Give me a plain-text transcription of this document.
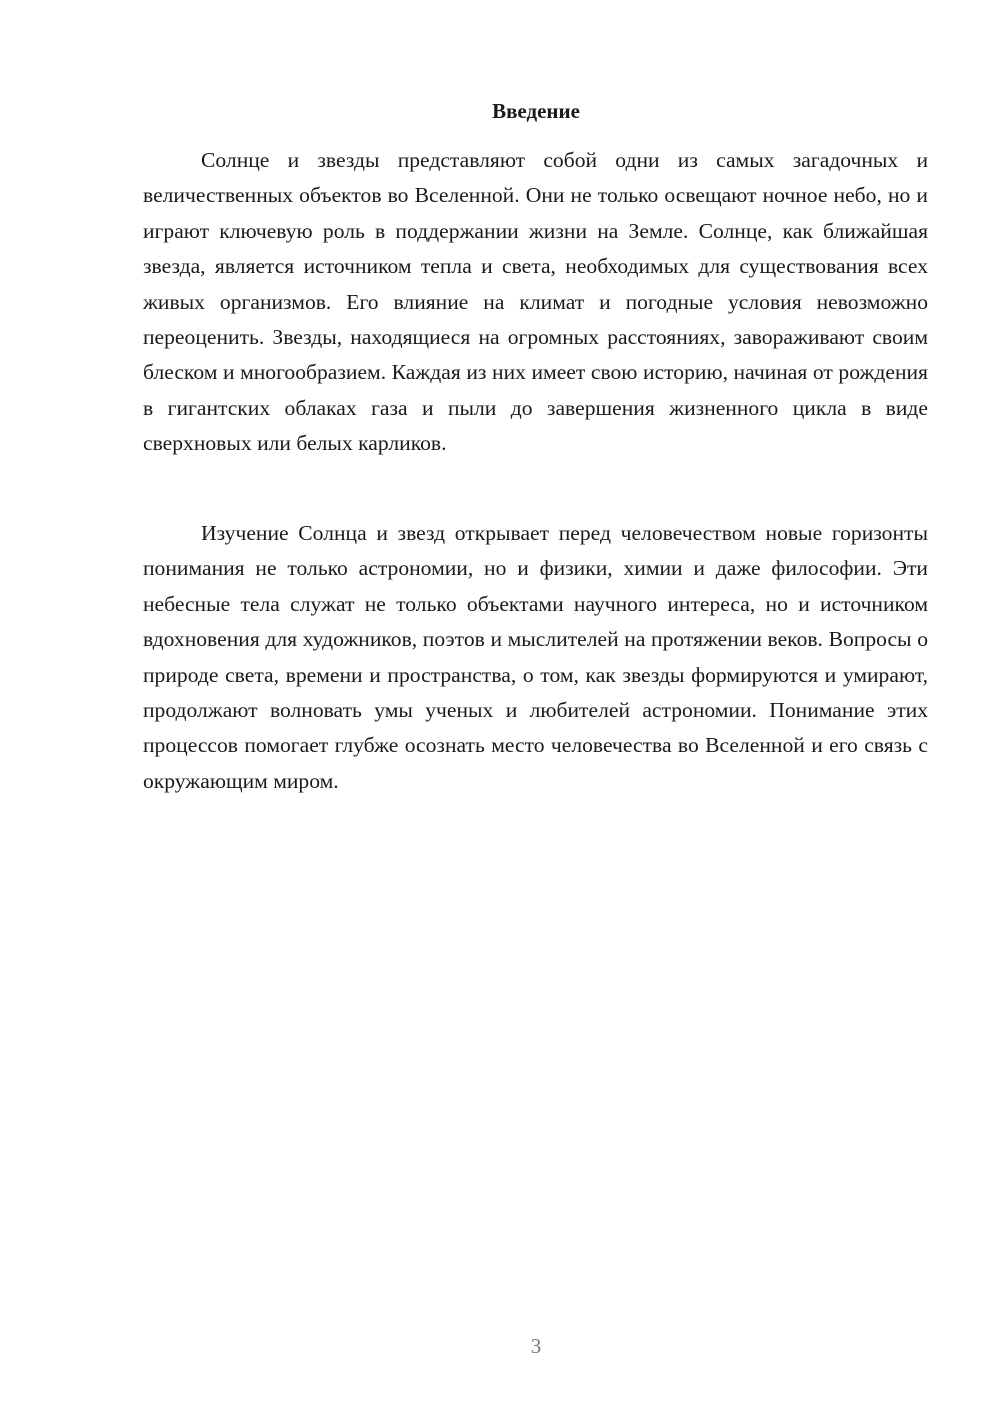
Введение

Солнце и звезды представляют собой одни из самых загадочных и величественных объектов во Вселенной. Они не только освещают ночное небо, но и играют ключевую роль в поддержании жизни на Земле. Солнце, как ближайшая звезда, является источником тепла и света, необходимых для существования всех живых организмов. Его влияние на климат и погодные условия невозможно переоценить. Звезды, находящиеся на огромных расстояниях, завораживают своим блеском и многообразием. Каждая из них имеет свою историю, начиная от рождения в гигантских облаках газа и пыли до завершения жизненного цикла в виде сверхновых или белых карликов.

Изучение Солнца и звезд открывает перед человечеством новые горизонты понимания не только астрономии, но и физики, химии и даже философии. Эти небесные тела служат не только объектами научного интереса, но и источником вдохновения для художников, поэтов и мыслителей на протяжении веков. Вопросы о природе света, времени и пространства, о том, как звезды формируются и умирают, продолжают волновать умы ученых и любителей астрономии. Понимание этих процессов помогает глубже осознать место человечества во Вселенной и его связь с окружающим миром.

3
